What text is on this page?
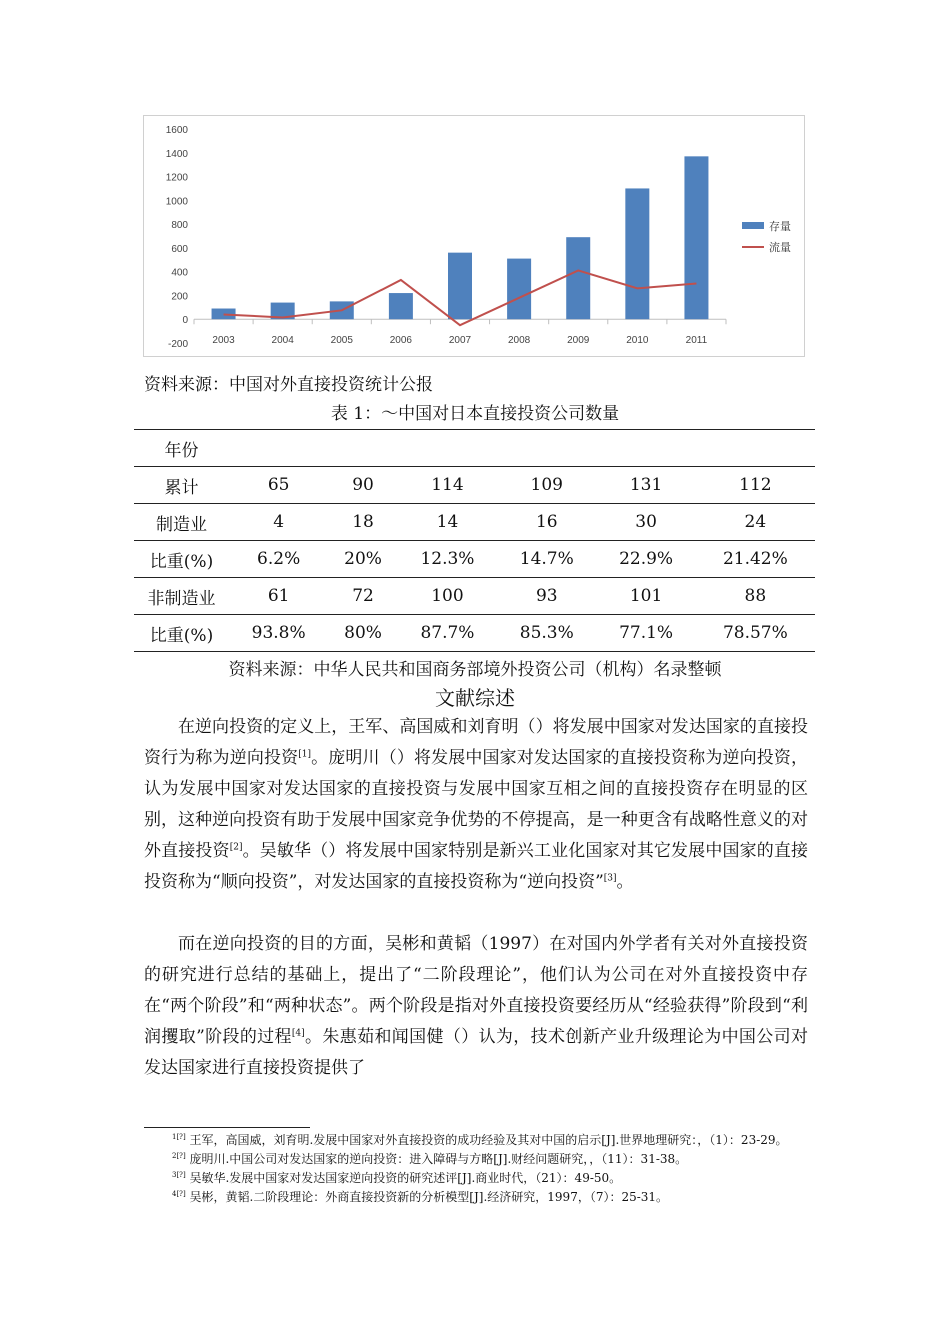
1600
1400
1200
1000
800
600
400
200
0
-200 2003	2004	2005	2006	2007	2008	2009	2010	2011
存量
流量
资料来源：中国对外直接投资统计公报
表 1：～中国对日本直接投资公司数量
年份						
累计	65	90	114	109	131	112
制造业	4	18	14	16	30	24
比重(%)	6.2%	20%	12.3%	14.7%	22.9%	21.42%
非制造业	61	72	100	93	101	88
比重(%)	93.8%	80%	87.7%	85.3%	77.1%	78.57%
资料来源：中华人民共和国商务部境外投资公司（机构）名录整顿
文献综述

在逆向投资的定义上，王军、高国威和刘育明（）将发展中国家对发达国家的直接投资行为称为逆向投资[1]。庞明川（）将发展中国家对发达国家的直接投资称为逆向投资，认为发展中国家对发达国家的直接投资与发展中国家互相之间的直接投资存在明显的区别，这种逆向投资有助于发展中国家竞争优势的不停提高，是一种更含有战略性意义的对外直接投资[2]。吴敏华（）将发展中国家特别是新兴工业化国家对其它发展中国家的直接投资称为“顺向投资”，对发达国家的直接投资称为“逆向投资”[3]。

而在逆向投资的目的方面，吴彬和黄韬（1997）在对国内外学者有关对外直接投资的研究进行总结的基础上，提出了“二阶段理论”，他们认为公司在对外直接投资中存在“两个阶段”和“两种状态”。两个阶段是指对外直接投资要经历从“经验获得”阶段到“利润攫取”阶段的过程[4]。朱惠茹和闻国健（）认为，技术创新产业升级理论为中国公司对发达国家进行直接投资提供了

$^{1[?]}$ 王军，高国威，刘育明.发展中国家对外直接投资的成功经验及其对中国的启示[J].世界地理研究：，（1）：23-29。

$^{2[?]}$ 庞明川.中国公司对发达国家的逆向投资：进入障碍与方略[J].财经问题研究，，（11）：31-38。

$^{3[?]}$ 吴敏华.发展中国家对发达国家逆向投资的研究述评[J].商业时代，（21）：49-50。

$^{4[?]}$ 吴彬，黄韬.二阶段理论：外商直接投资新的分析模型[J].经济研究，1997，（7）：25-31。
